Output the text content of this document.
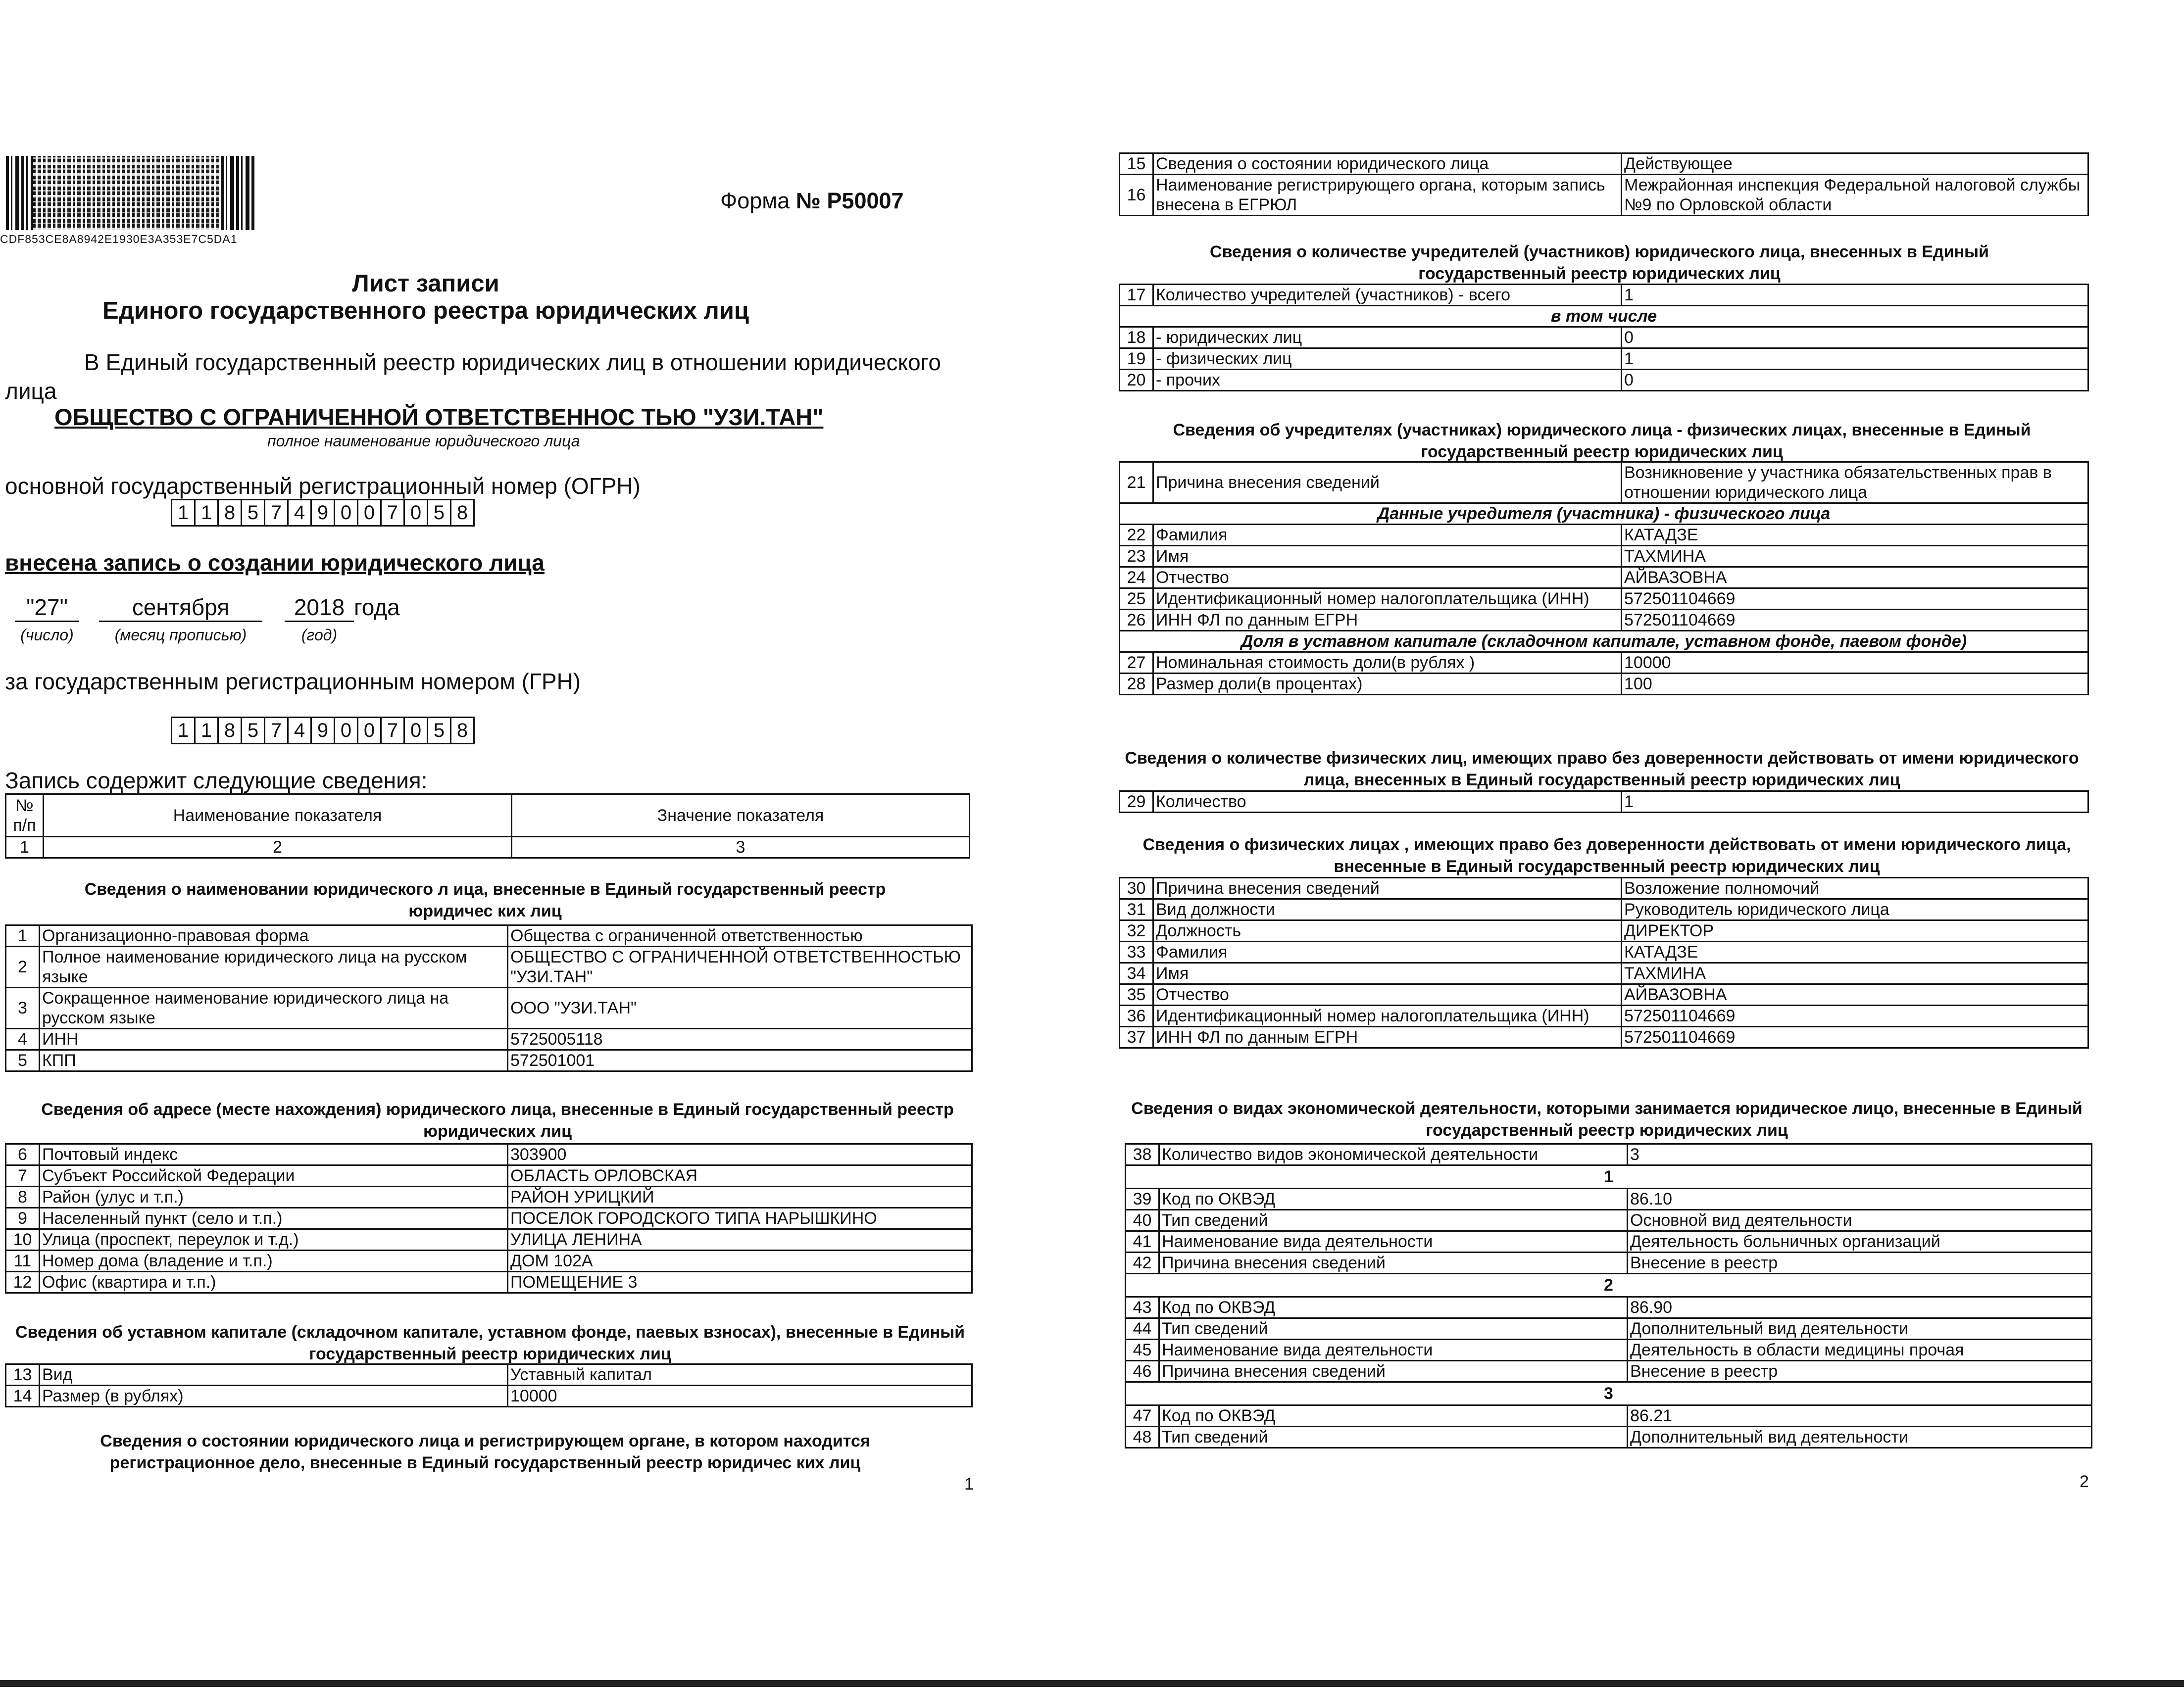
CDF853CE8A8942E1930E3A353E7C5DA1
Форма № Р50007
Лист записи
Единого государственного реестра юридических лиц
В Единый государственный реестр юридических лиц в отношении юридического
лица
ОБЩЕСТВО С ОГРАНИЧЕННОЙ ОТВЕТСТВЕННОС ТЬЮ "УЗИ.ТАН"
полное наименование юридического лица
основной государственный регистрационный номер (ОГРН)
1 1 8 5 7 4 9 0 0 7 0 5 8
внесена запись о создании юридического лица
"27"
(число)
сентября
(месяц прописью)
2018
(год)
года
за государственным регистрационным номером (ГРН)
1 1 8 5 7 4 9 0 0 7 0 5 8
Запись содержит следующие сведения:
№ п/п	Наименование показателя	Значение показателя
1	2	3
Сведения о наименовании юридического л ица, внесенные в Единый государственный реестр юридичес ких лиц
1	Организационно-правовая форма	Общества с ограниченной ответственностью
2	Полное наименование юридического лица на русском языке	ОБЩЕСТВО С ОГРАНИЧЕННОЙ ОТВЕТСТВЕННОСТЬЮ "УЗИ.ТАН"
3	Сокращенное наименование юридического лица на русском языке	ООО "УЗИ.ТАН"
4	ИНН	5725005118
5	КПП	572501001
Сведения об адресе (месте нахождения) юридического лица, внесенные в Единый государственный реестр юридических лиц
6	Почтовый индекс	303900
7	Субъект Российской Федерации	ОБЛАСТЬ ОРЛОВСКАЯ
8	Район (улус и т.п.)	РАЙОН УРИЦКИЙ
9	Населенный пункт (село и т.п.)	ПОСЕЛОК ГОРОДСКОГО ТИПА НАРЫШКИНО
10	Улица (проспект, переулок и т.д.)	УЛИЦА ЛЕНИНА
11	Номер дома (владение и т.п.)	ДОМ 102А
12	Офис (квартира и т.п.)	ПОМЕЩЕНИЕ 3
Сведения об уставном капитале (складочном капитале, уставном фонде, паевых взносах), внесенные в Единый государственный реестр юридических лиц
13	Вид	Уставный капитал
14	Размер (в рублях)	10000
Сведения о состоянии юридического лица и регистрирующем органе, в котором находится регистрационное дело, внесенные в Единый государственный реестр юридичес ких лиц
1
15	Сведения о состоянии юридического лица	Действующее
16	Наименование регистрирующего органа, которым запись внесена в ЕГРЮЛ	Межрайонная инспекция Федеральной налоговой службы №9 по Орловской области
Сведения о количестве учредителей (участников) юридического лица, внесенных в Единый государственный реестр юридических лиц
17	Количество учредителей (участников) - всего	1
в том числе		
18	- юридических лиц	0
19	- физических лиц	1
20	- прочих	0
Сведения об учредителях (участниках) юридического лица - физических лицах, внесенные в Единый государственный реестр юридических лиц
21	Причина внесения сведений	Возникновение у участника обязательственных прав в отношении юридического лица
Данные учредителя (участника) - физического лица		
22	Фамилия	КАТАДЗЕ
23	Имя	ТАХМИНА
24	Отчество	АЙВАЗОВНА
25	Идентификационный номер налогоплательщика (ИНН)	572501104669
26	ИНН ФЛ по данным ЕГРН	572501104669
Доля в уставном капитале (складочном капитале, уставном фонде, паевом фонде)		
27	Номинальная стоимость доли(в рублях )	10000
28	Размер доли(в процентах)	100
Сведения о количестве физических лиц, имеющих право без доверенности действовать от имени юридического лица, внесенных в Единый государственный реестр юридических лиц
29	Количество	1
Сведения о физических лицах , имеющих право без доверенности действовать от имени юридического лица, внесенные в Единый государственный реестр юридических лиц
30	Причина внесения сведений	Возложение полномочий
31	Вид должности	Руководитель юридического лица
32	Должность	ДИРЕКТОР
33	Фамилия	КАТАДЗЕ
34	Имя	ТАХМИНА
35	Отчество	АЙВАЗОВНА
36	Идентификационный номер налогоплательщика (ИНН)	572501104669
37	ИНН ФЛ по данным ЕГРН	572501104669
Сведения о видах экономической деятельности, которыми занимается юридическое лицо, внесенные в Единый государственный реестр юридических лиц
38	Количество видов экономической деятельности	3
1		
39	Код по ОКВЭД	86.10
40	Тип сведений	Основной вид деятельности
41	Наименование вида деятельности	Деятельность больничных организаций
42	Причина внесения сведений	Внесение в реестр
2		
43	Код по ОКВЭД	86.90
44	Тип сведений	Дополнительный вид деятельности
45	Наименование вида деятельности	Деятельность в области медицины прочая
46	Причина внесения сведений	Внесение в реестр
3		
47	Код по ОКВЭД	86.21
48	Тип сведений	Дополнительный вид деятельности
2
